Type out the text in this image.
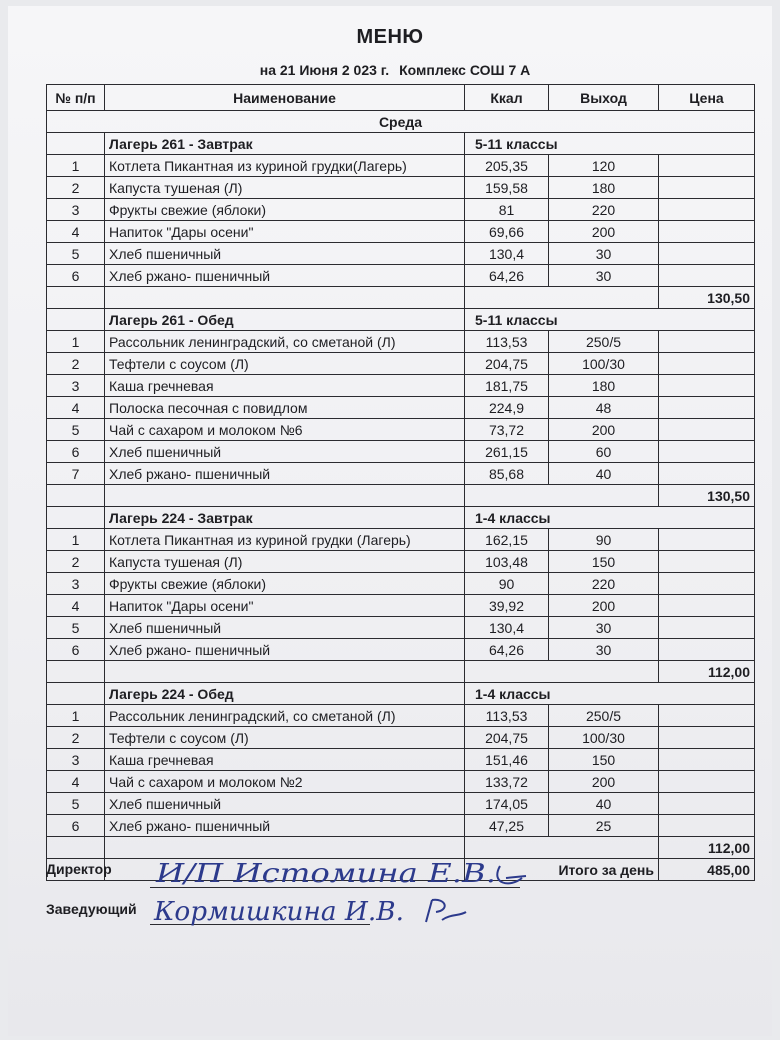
МЕНЮ
на 21 Июня 2 023 г. Комплекс СОШ 7 А
№ п/п	Наименование	Ккал	Выход	Цена
Среда				
	Лагерь 261 - Завтрак	5-11 классы		
1	Котлета Пикантная из куриной грудки(Лагерь)	205,35	120	
2	Капуста тушеная (Л)	159,58	180	
3	Фрукты свежие (яблоки)	81	220	
4	Напиток "Дары осени"	69,66	200	
5	Хлеб пшеничный	130,4	30	
6	Хлеб ржано- пшеничный	64,26	30	
				130,50
	Лагерь 261 - Обед	5-11 классы		
1	Рассольник ленинградский, со сметаной (Л)	113,53	250/5	
2	Тефтели с соусом (Л)	204,75	100/30	
3	Каша гречневая	181,75	180	
4	Полоска песочная с повидлом	224,9	48	
5	Чай с сахаром и молоком №6	73,72	200	
6	Хлеб пшеничный	261,15	60	
7	Хлеб ржано- пшеничный	85,68	40	
				130,50
	Лагерь 224 - Завтрак	1-4 классы		
1	Котлета Пикантная из куриной грудки (Лагерь)	162,15	90	
2	Капуста тушеная (Л)	103,48	150	
3	Фрукты свежие (яблоки)	90	220	
4	Напиток "Дары осени"	39,92	200	
5	Хлеб пшеничный	130,4	30	
6	Хлеб ржано- пшеничный	64,26	30	
				112,00
	Лагерь 224 - Обед	1-4 классы		
1	Рассольник ленинградский, со сметаной (Л)	113,53	250/5	
2	Тефтели с соусом (Л)	204,75	100/30	
3	Каша гречневая	151,46	150	
4	Чай с сахаром и молоком №2	133,72	200	
5	Хлеб пшеничный	174,05	40	
6	Хлеб ржано- пшеничный	47,25	25	
				112,00
		Итого за день		485,00
Директор И/П Истомина Е.В.
Заведующий Кормишкина И.В.
